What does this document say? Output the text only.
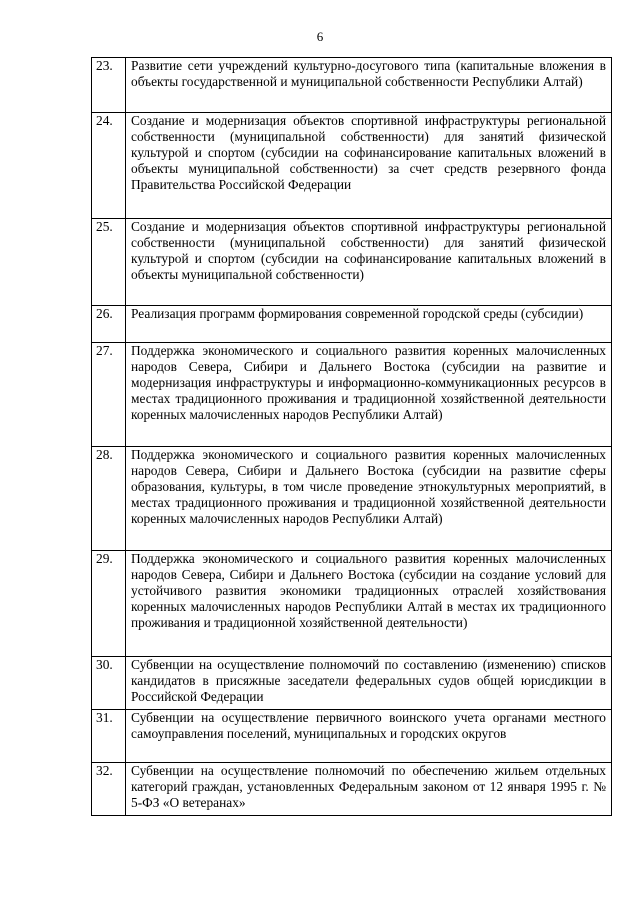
6
23.	Развитие сети учреждений культурно-досугового типа (капитальные вложения в объекты государственной и муниципальной собственности Республики Алтай)
24.	Создание и модернизация объектов спортивной инфраструктуры региональной собственности (муниципальной собственности) для занятий физической культурой и спортом (субсидии на софинансирование капитальных вложений в объекты муниципальной собственности) за счет средств резервного фонда Правительства Российской Федерации
25.	Создание и модернизация объектов спортивной инфраструктуры региональной собственности (муниципальной собственности) для занятий физической культурой и спортом (субсидии на софинансирование капитальных вложений в объекты муниципальной собственности)
26.	Реализация программ формирования современной городской среды (субсидии)
27.	Поддержка экономического и социального развития коренных малочисленных народов Севера, Сибири и Дальнего Востока (субсидии на развитие и модернизация инфраструктуры и информационно-коммуникационных ресурсов в местах традиционного проживания и традиционной хозяйственной деятельности коренных малочисленных народов Республики Алтай)
28.	Поддержка экономического и социального развития коренных малочисленных народов Севера, Сибири и Дальнего Востока (субсидии на развитие сферы образования, культуры, в том числе проведение этнокультурных мероприятий, в местах традиционного проживания и традиционной хозяйственной деятельности коренных малочисленных народов Республики Алтай)
29.	Поддержка экономического и социального развития коренных малочисленных народов Севера, Сибири и Дальнего Востока (субсидии на создание условий для устойчивого развития экономики традиционных отраслей хозяйствования коренных малочисленных народов Республики Алтай в местах их традиционного проживания и традиционной хозяйственной деятельности)
30.	Субвенции на осуществление полномочий по составлению (изменению) списков кандидатов в присяжные заседатели федеральных судов общей юрисдикции в Российской Федерации
31.	Субвенции на осуществление первичного воинского учета органами местного самоуправления поселений, муниципальных и городских округов
32.	Субвенции на осуществление полномочий по обеспечению жильем отдельных категорий граждан, установленных Федеральным законом от 12 января 1995 г. № 5-ФЗ «О ветеранах»
